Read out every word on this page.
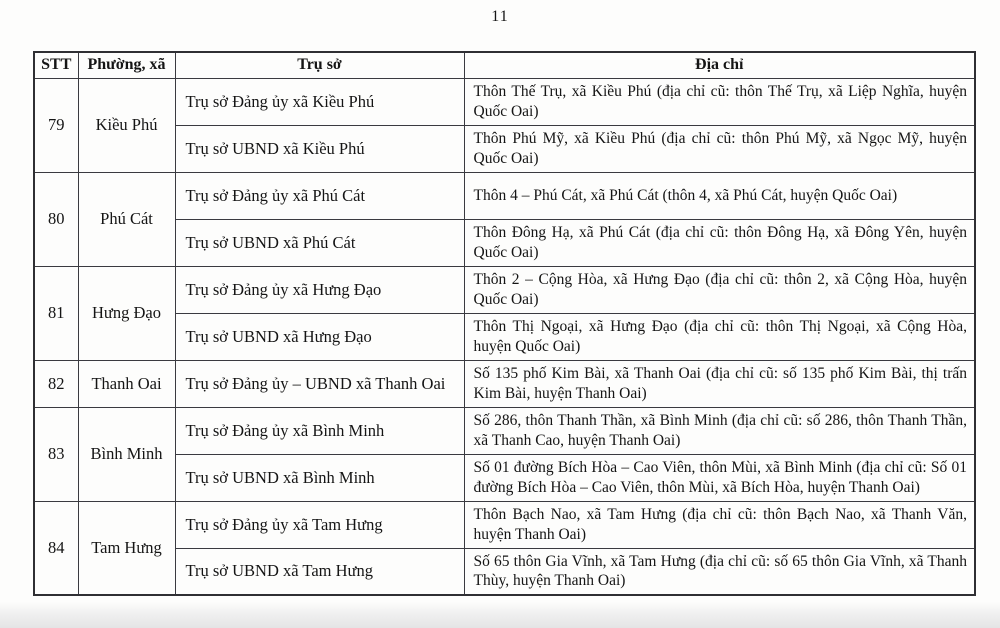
11
STT	Phường, xã	Trụ sở	Địa chỉ
79	Kiều Phú	Trụ sở Đảng ủy xã Kiều Phú	Thôn Thế Trụ, xã Kiều Phú (địa chỉ cũ: thôn Thế Trụ, xã Liệp Nghĩa, huyện Quốc Oai)
		Trụ sở UBND xã Kiều Phú	Thôn Phú Mỹ, xã Kiều Phú (địa chỉ cũ: thôn Phú Mỹ, xã Ngọc Mỹ, huyện Quốc Oai)
80	Phú Cát	Trụ sở Đảng ủy xã Phú Cát	Thôn 4 – Phú Cát, xã Phú Cát (thôn 4, xã Phú Cát, huyện Quốc Oai)
		Trụ sở UBND xã Phú Cát	Thôn Đông Hạ, xã Phú Cát (địa chỉ cũ: thôn Đông Hạ, xã Đông Yên, huyện Quốc Oai)
81	Hưng Đạo	Trụ sở Đảng ủy xã Hưng Đạo	Thôn 2 – Cộng Hòa, xã Hưng Đạo (địa chỉ cũ: thôn 2, xã Cộng Hòa, huyện Quốc Oai)
		Trụ sở UBND xã Hưng Đạo	Thôn Thị Ngoại, xã Hưng Đạo (địa chỉ cũ: thôn Thị Ngoại, xã Cộng Hòa, huyện Quốc Oai)
82	Thanh Oai	Trụ sở Đảng ủy – UBND xã Thanh Oai	Số 135 phố Kim Bài, xã Thanh Oai (địa chỉ cũ: số 135 phố Kim Bài, thị trấn Kim Bài, huyện Thanh Oai)
83	Bình Minh	Trụ sở Đảng ủy xã Bình Minh	Số 286, thôn Thanh Thần, xã Bình Minh (địa chỉ cũ: số 286, thôn Thanh Thần, xã Thanh Cao, huyện Thanh Oai)
		Trụ sở UBND xã Bình Minh	Số 01 đường Bích Hòa – Cao Viên, thôn Mùi, xã Bình Minh (địa chỉ cũ: Số 01 đường Bích Hòa – Cao Viên, thôn Mùi, xã Bích Hòa, huyện Thanh Oai)
84	Tam Hưng	Trụ sở Đảng ủy xã Tam Hưng	Thôn Bạch Nao, xã Tam Hưng (địa chỉ cũ: thôn Bạch Nao, xã Thanh Văn, huyện Thanh Oai)
		Trụ sở UBND xã Tam Hưng	Số 65 thôn Gia Vĩnh, xã Tam Hưng (địa chỉ cũ: số 65 thôn Gia Vĩnh, xã Thanh Thùy, huyện Thanh Oai)
